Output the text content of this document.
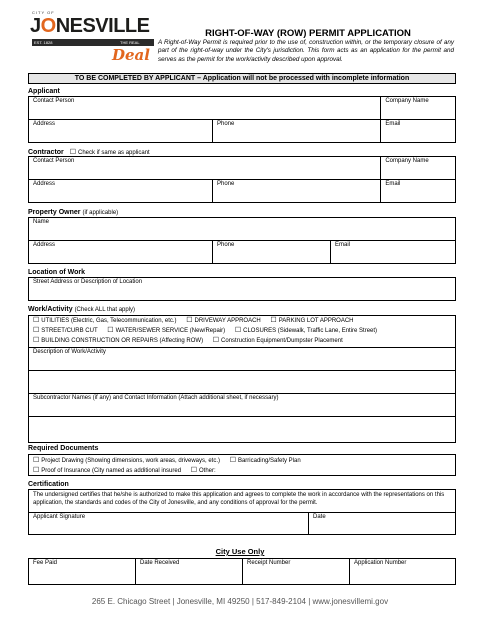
CITY OF
JONESVILLE
EST. 1828	THE REAL
Deal
RIGHT-OF-WAY (ROW) PERMIT APPLICATION
A Right-of-Way Permit is required prior to the use of, construction within, or the temporary closure of any part of the right-of-way under the City's jurisdiction. This form acts as an application for the permit and serves as the permit for the work/activity described upon approval.
TO BE COMPLETED BY APPLICANT – Application will not be processed with incomplete information
Applicant
Contact Person		Company Name
Address	Phone	Email
Contractor ☐ Check if same as applicant
Contact Person		Company Name
Address	Phone	Email
Property Owner (if applicable)
Name
Address	Phone	Email
Location of Work
Street Address or Description of Location
Work/Activity (Check ALL that apply)
☐ UTILITIES (Electric, Gas, Telecommunication, etc.)	☐ DRIVEWAY APPROACH	☐ PARKING LOT APPROACH
☐ STREET/CURB CUT	☐ WATER/SEWER SERVICE (New/Repair)	☐ CLOSURES (Sidewalk, Traffic Lane, Entire Street)
☐ BUILDING CONSTRUCTION OR REPAIRS (Affecting ROW)	☐ Construction Equipment/Dumpster Placement
Description of Work/Activity
Subcontractor Names (if any) and Contact Information (Attach additional sheet, if necessary)
Required Documents
☐ Project Drawing (Showing dimensions, work areas, driveways, etc.)	☐ Barricading/Safety Plan
☐ Proof of Insurance (City named as additional insured	☐ Other:
Certification
The undersigned certifies that he/she is authorized to make this application and agrees to complete the work in accordance with the representations on this application, the standards and codes of the City of Jonesville, and any conditions of approval for the permit.
Applicant Signature	Date
City Use Only
Fee Paid	Date Received	Receipt Number	Application Number
265 E. Chicago Street | Jonesville, MI 49250 | 517-849-2104 | www.jonesvillemi.gov
